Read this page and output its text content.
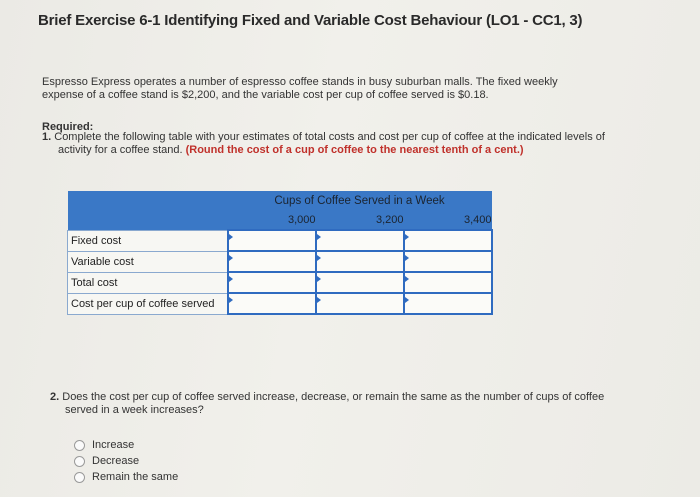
Brief Exercise 6-1 Identifying Fixed and Variable Cost Behaviour (LO1 - CC1, 3)
Espresso Express operates a number of espresso coffee stands in busy suburban malls. The fixed weekly expense of a coffee stand is $2,200, and the variable cost per cup of coffee served is $0.18.
Required:
1. Complete the following table with your estimates of total costs and cost per cup of coffee at the indicated levels of activity for a coffee stand. (Round the cost of a cup of coffee to the nearest tenth of a cent.)
	Cups of Coffee Served in a Week		
	3,000	3,200	3,400
Fixed cost			
Variable cost			
Total cost			
Cost per cup of coffee served			
2. Does the cost per cup of coffee served increase, decrease, or remain the same as the number of cups of coffee served in a week increases?
Increase
Decrease
Remain the same
